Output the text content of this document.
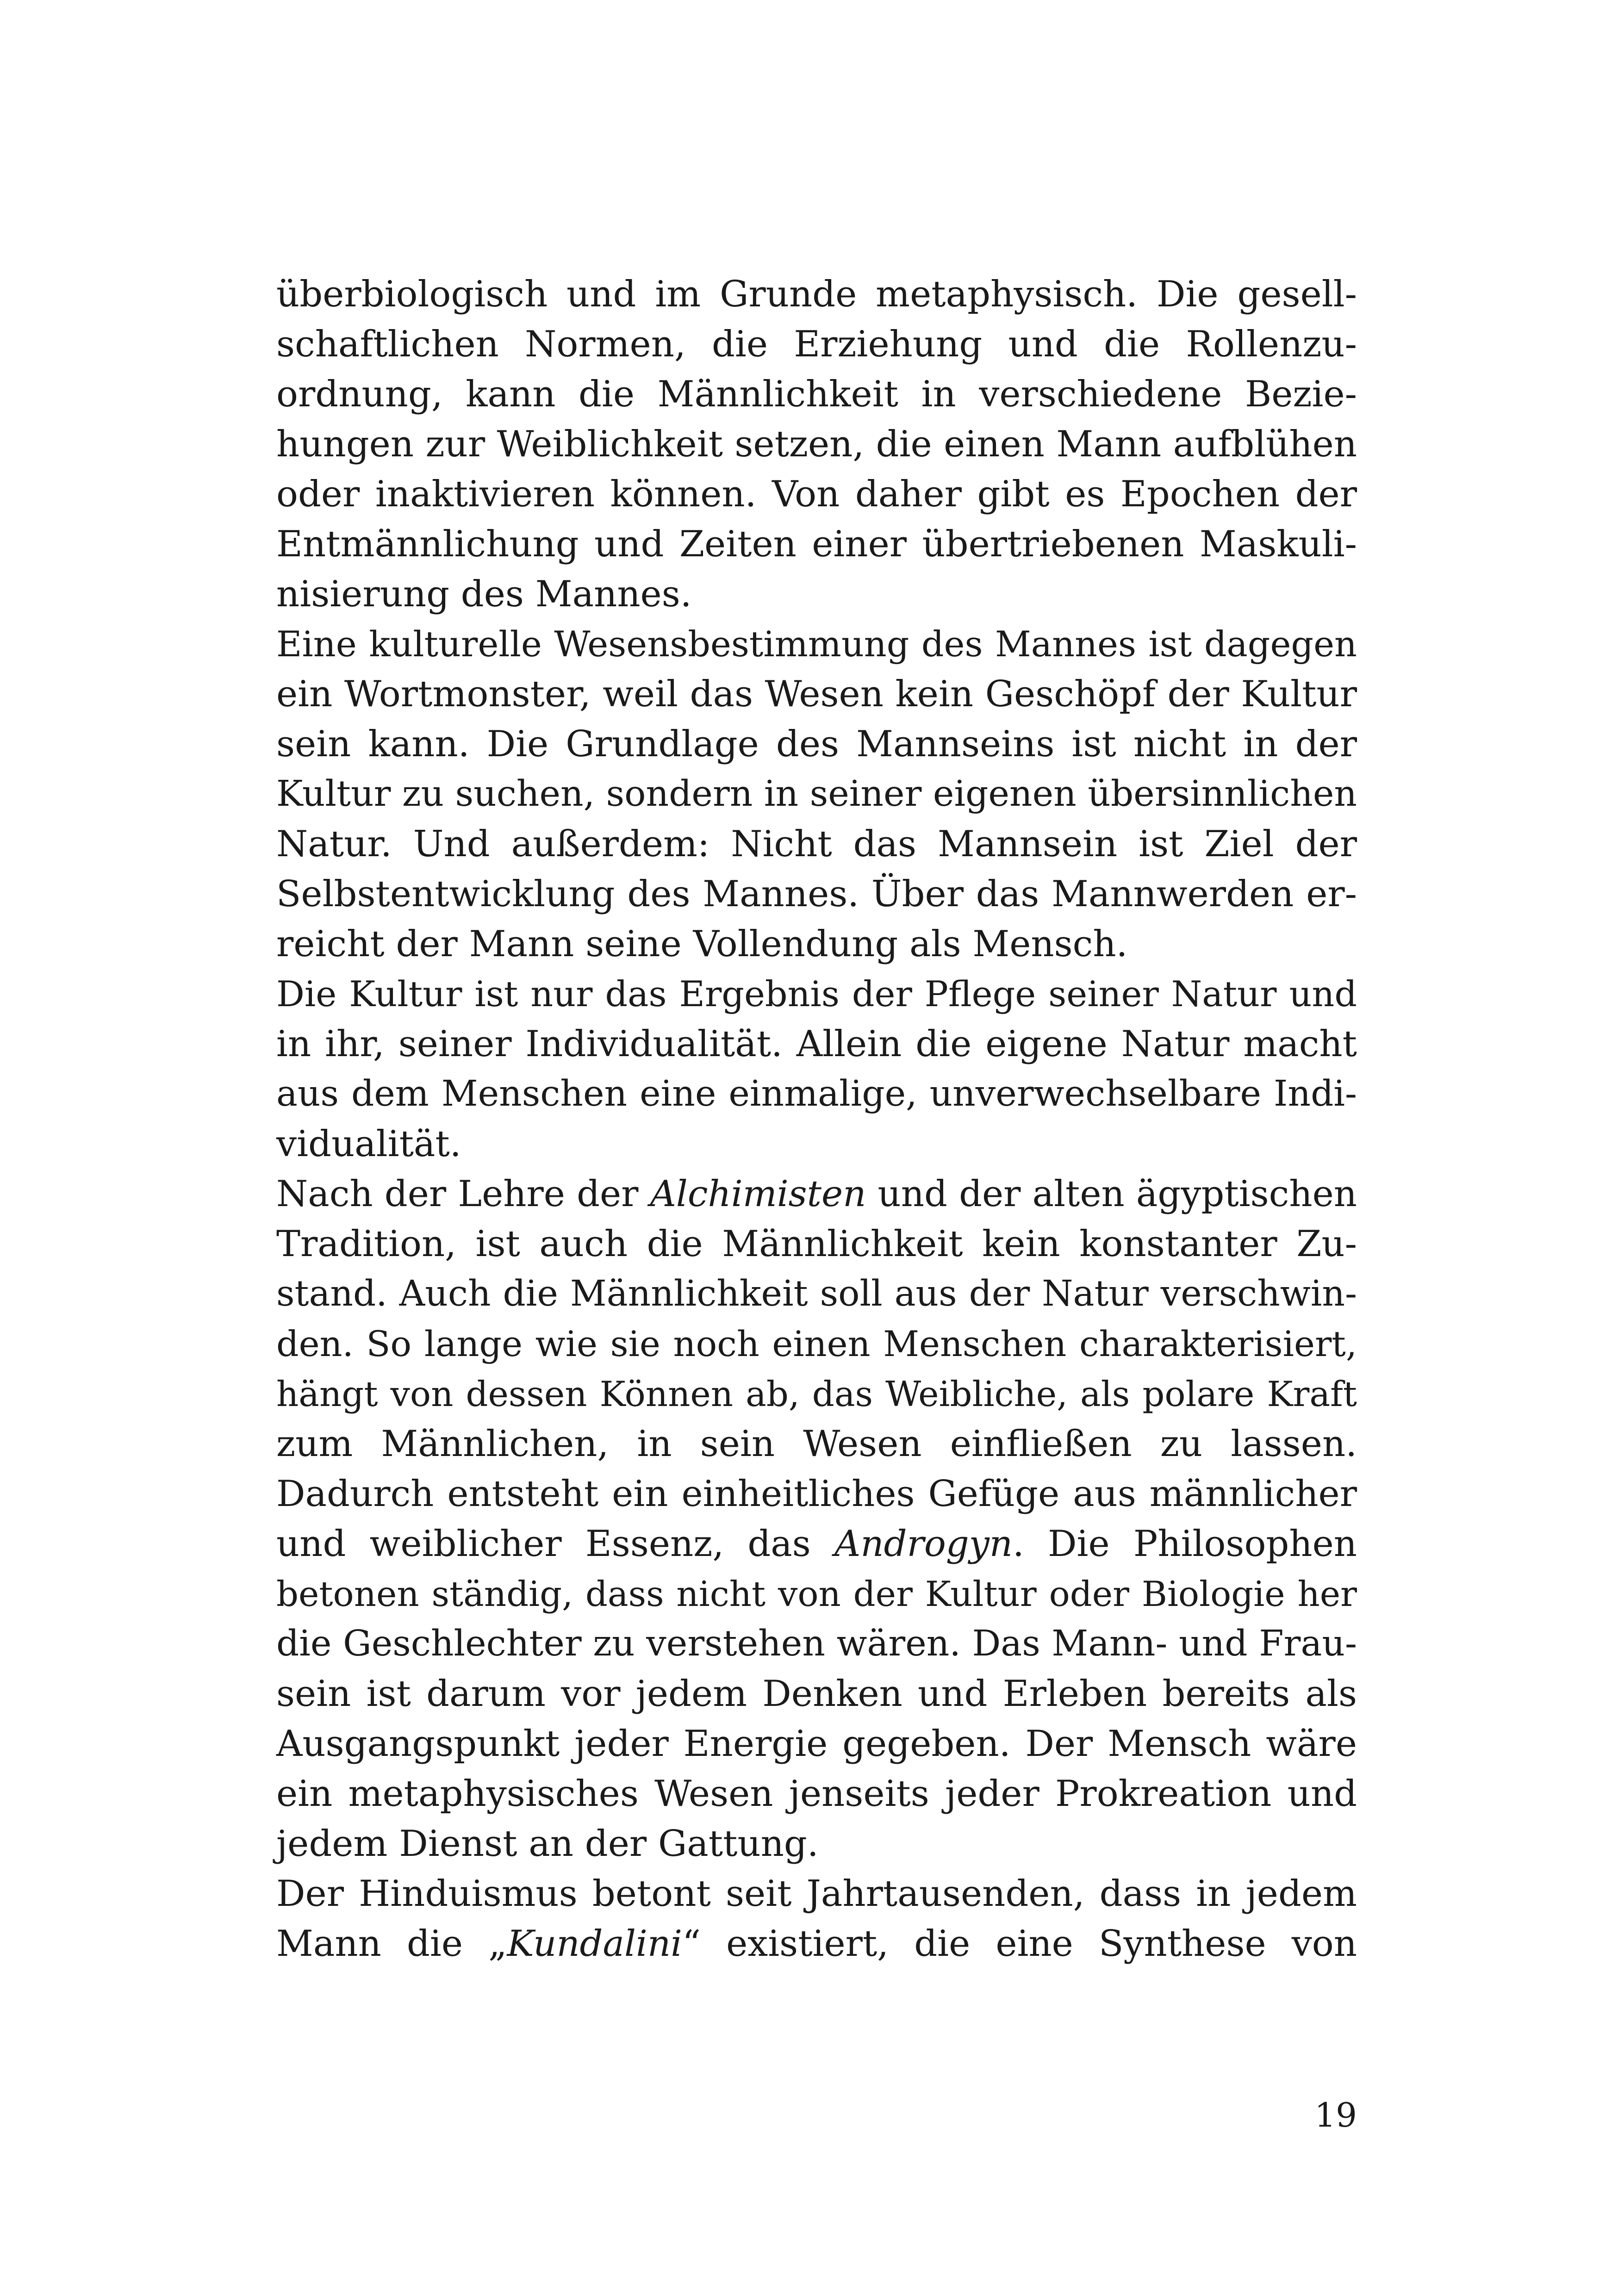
überbiologisch und im Grunde metaphysisch. Die gesell-
schaftlichen Normen, die Erziehung und die Rollenzu-
ordnung, kann die Männlichkeit in verschiedene Bezie-
hungen zur Weiblichkeit setzen, die einen Mann aufblühen
oder inaktivieren können. Von daher gibt es Epochen der
Entmännlichung und Zeiten einer übertriebenen Maskuli-
nisierung des Mannes.
Eine kulturelle Wesensbestimmung des Mannes ist dagegen
ein Wortmonster, weil das Wesen kein Geschöpf der Kultur
sein kann. Die Grundlage des Mannseins ist nicht in der
Kultur zu suchen, sondern in seiner eigenen übersinnlichen
Natur. Und außerdem: Nicht das Mannsein ist Ziel der
Selbstentwicklung des Mannes. Über das Mannwerden er-
reicht der Mann seine Vollendung als Mensch.
Die Kultur ist nur das Ergebnis der Pflege seiner Natur und
in ihr, seiner Individualität. Allein die eigene Natur macht
aus dem Menschen eine einmalige, unverwechselbare Indi-
vidualität.
Nach der Lehre der Alchimisten und der alten ägyptischen
Tradition, ist auch die Männlichkeit kein konstanter Zu-
stand. Auch die Männlichkeit soll aus der Natur verschwin-
den. So lange wie sie noch einen Menschen charakterisiert,
hängt von dessen Können ab, das Weibliche, als polare Kraft
zum Männlichen, in sein Wesen einfließen zu lassen.
Dadurch entsteht ein einheitliches Gefüge aus männlicher
und weiblicher Essenz, das Androgyn. Die Philosophen
betonen ständig, dass nicht von der Kultur oder Biologie her
die Geschlechter zu verstehen wären. Das Mann- und Frau-
sein ist darum vor jedem Denken und Erleben bereits als
Ausgangspunkt jeder Energie gegeben. Der Mensch wäre
ein metaphysisches Wesen jenseits jeder Prokreation und
jedem Dienst an der Gattung.
Der Hinduismus betont seit Jahrtausenden, dass in jedem
Mann die „Kundalini“ existiert, die eine Synthese von
19
